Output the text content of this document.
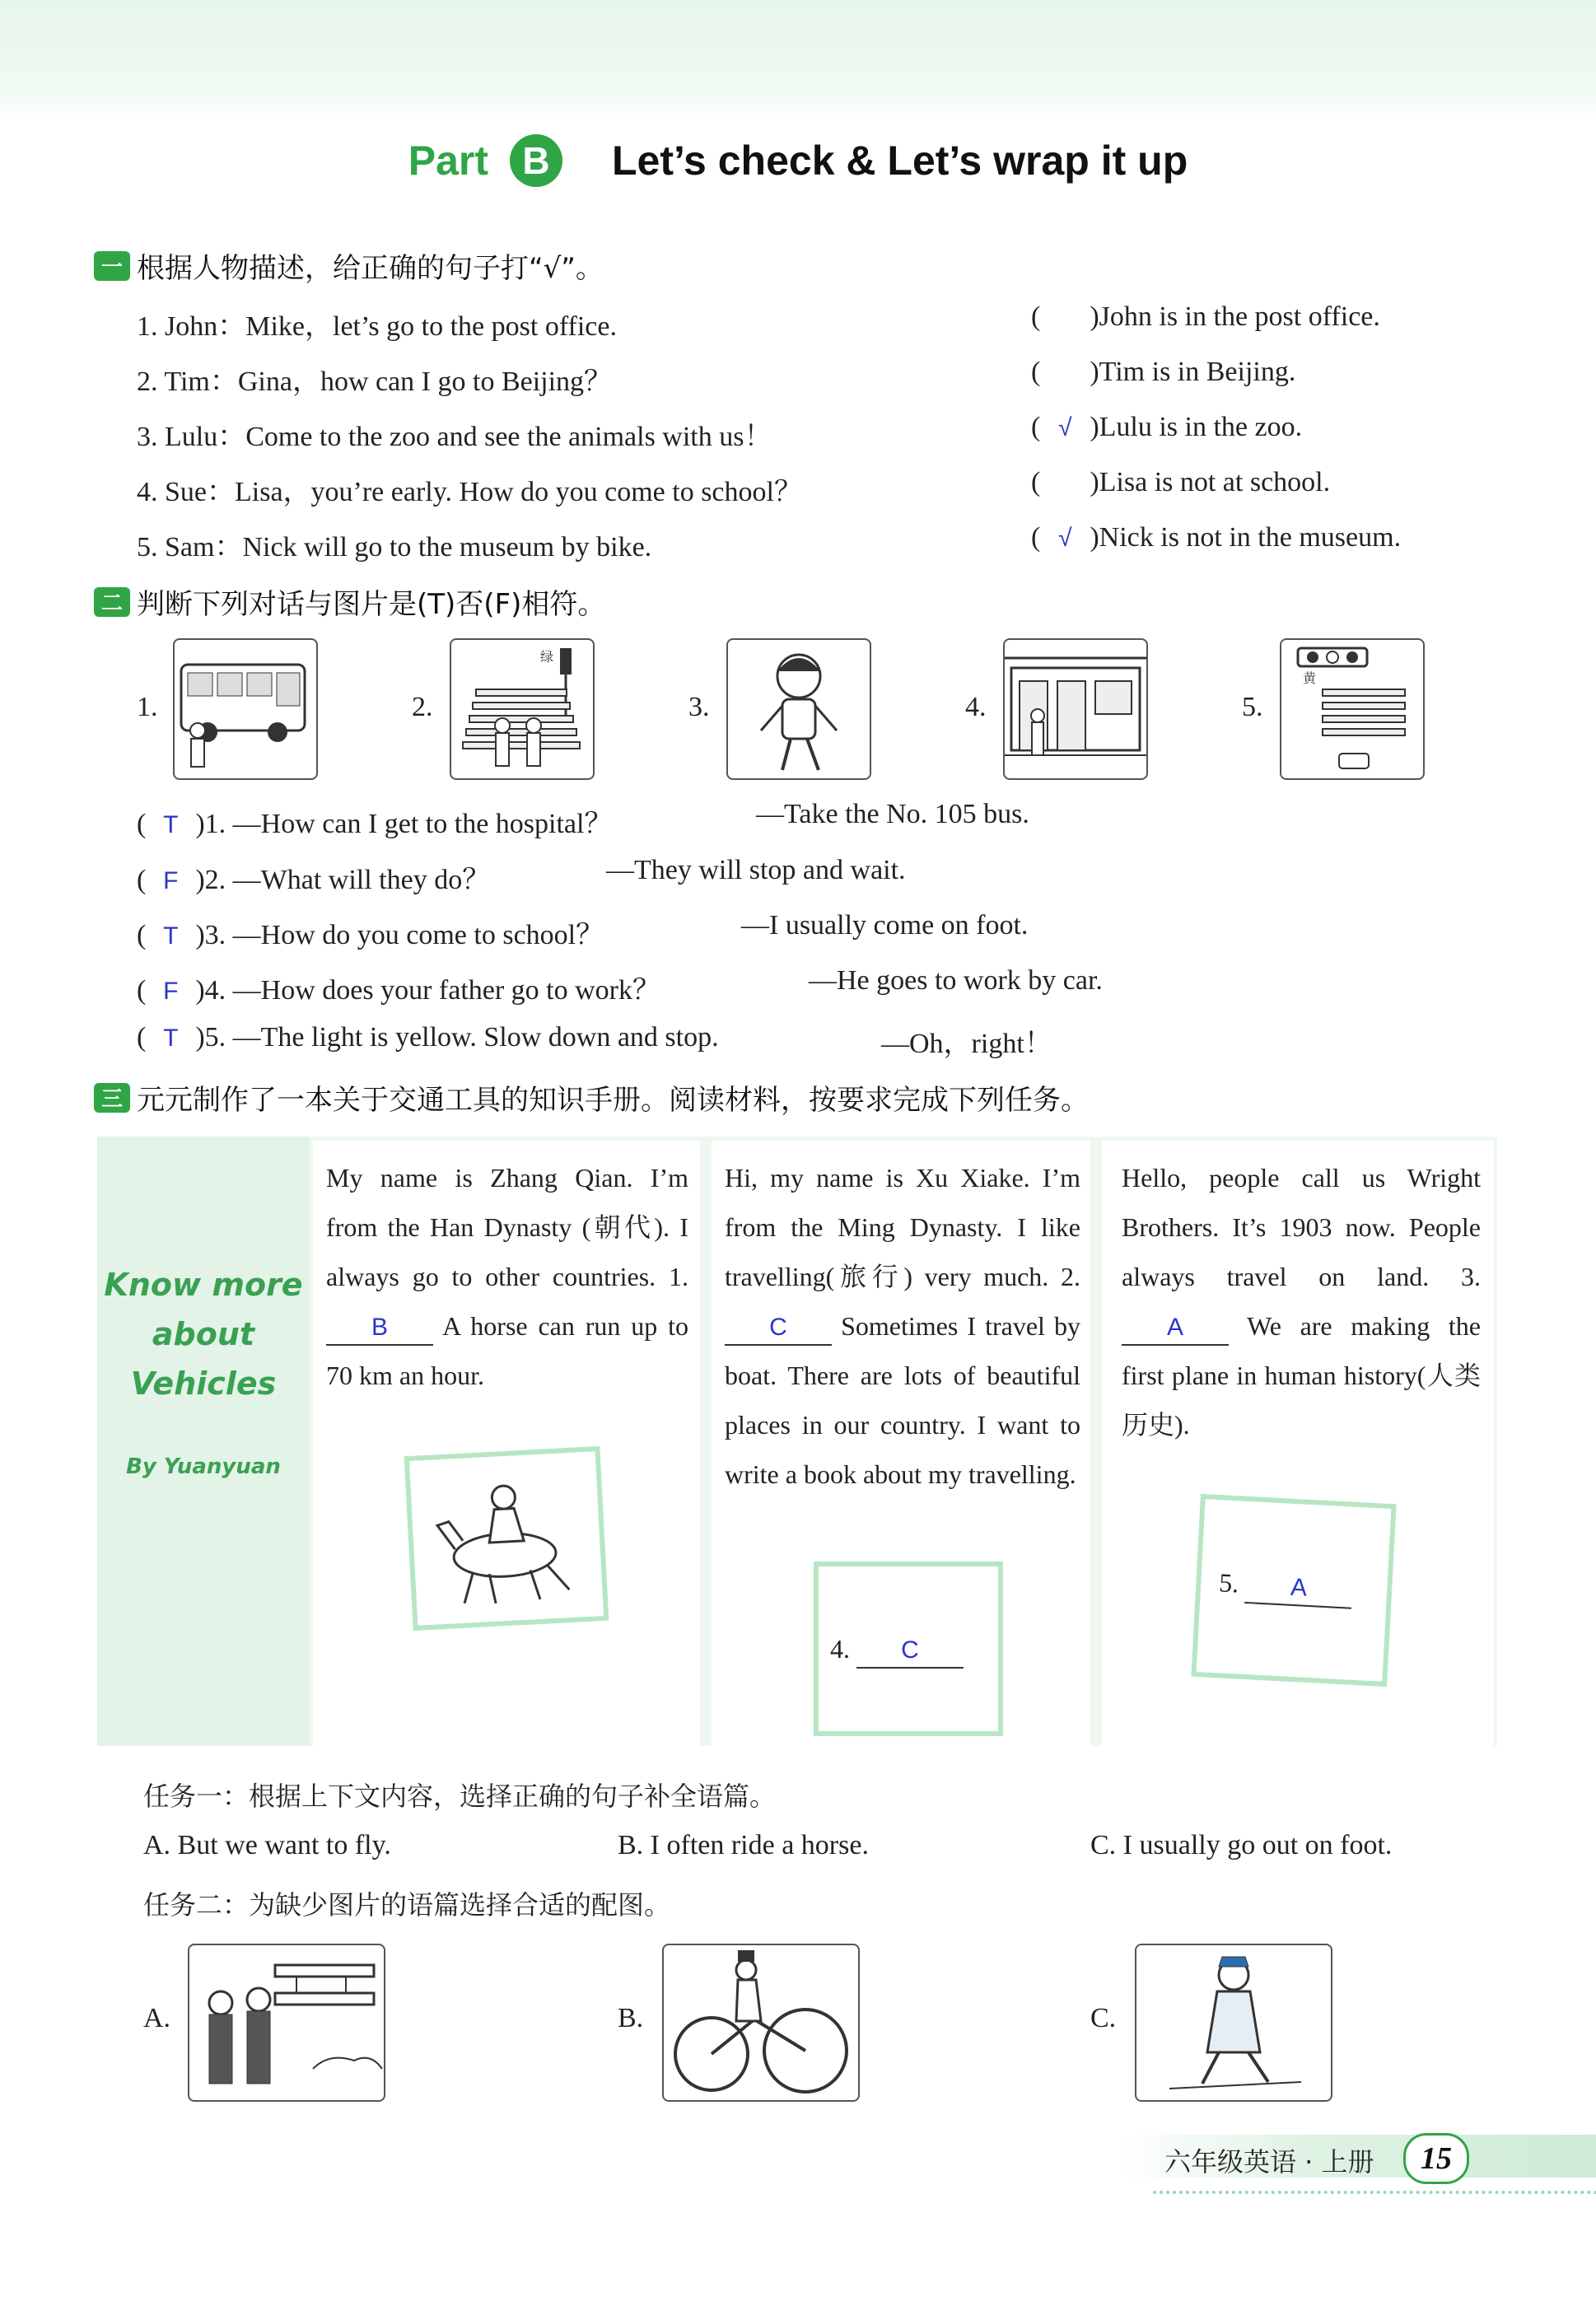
Part B	Let’s check & Let’s wrap it up
一 根据人物描述，给正确的句子打“√”。
1. John：Mike，let’s go to the post office.	( )John is in the post office.
2. Tim：Gina，how can I go to Beijing？	( )Tim is in Beijing.
3. Lulu：Come to the zoo and see the animals with us！	( √ )Lulu is in the zoo.
4. Sue：Lisa，you’re early. How do you come to school？	( )Lisa is not at school.
5. Sam：Nick will go to the museum by bike.	( √ )Nick is not in the museum.
二 判断下列对话与图片是(T)否(F)相符。
1.	2.
绿
3.	4.	5.
黄
( T )1. —How can I get to the hospital？	—Take the No. 105 bus.
( F )2. —What will they do？	—They will stop and wait.
( T )3. —How do you come to school？	—I usually come on foot.
( F )4. —How does your father go to work？	—He goes to work by car.
( T )5. —The light is yellow. Slow down and stop.	—Oh，right！
三 元元制作了一本关于交通工具的知识手册。阅读材料，按要求完成下列任务。
Know more
about
Vehicles
By Yuanyuan
My name is Zhang Qian. I’m from the Han Dynasty (朝代). I always go to other countries. 1. B A horse can run up to 70 km an hour.
Hi, my name is Xu Xiake. I’m from the Ming Dynasty. I like travelling(旅行) very much. 2. C Sometimes I travel by boat. There are lots of beautiful places in our country. I want to write a book about my travelling.
4. C
Hello, people call us Wright Brothers. It’s 1903 now. People always travel on land. 3. A We are making the first plane in human history(人类历史).
5. A
任务一：根据上下文内容，选择正确的句子补全语篇。
A. But we want to fly.	B. I often ride a horse.	C. I usually go out on foot.
任务二：为缺少图片的语篇选择合适的配图。
A.	B.	C.
六年级英语 · 上册	15
